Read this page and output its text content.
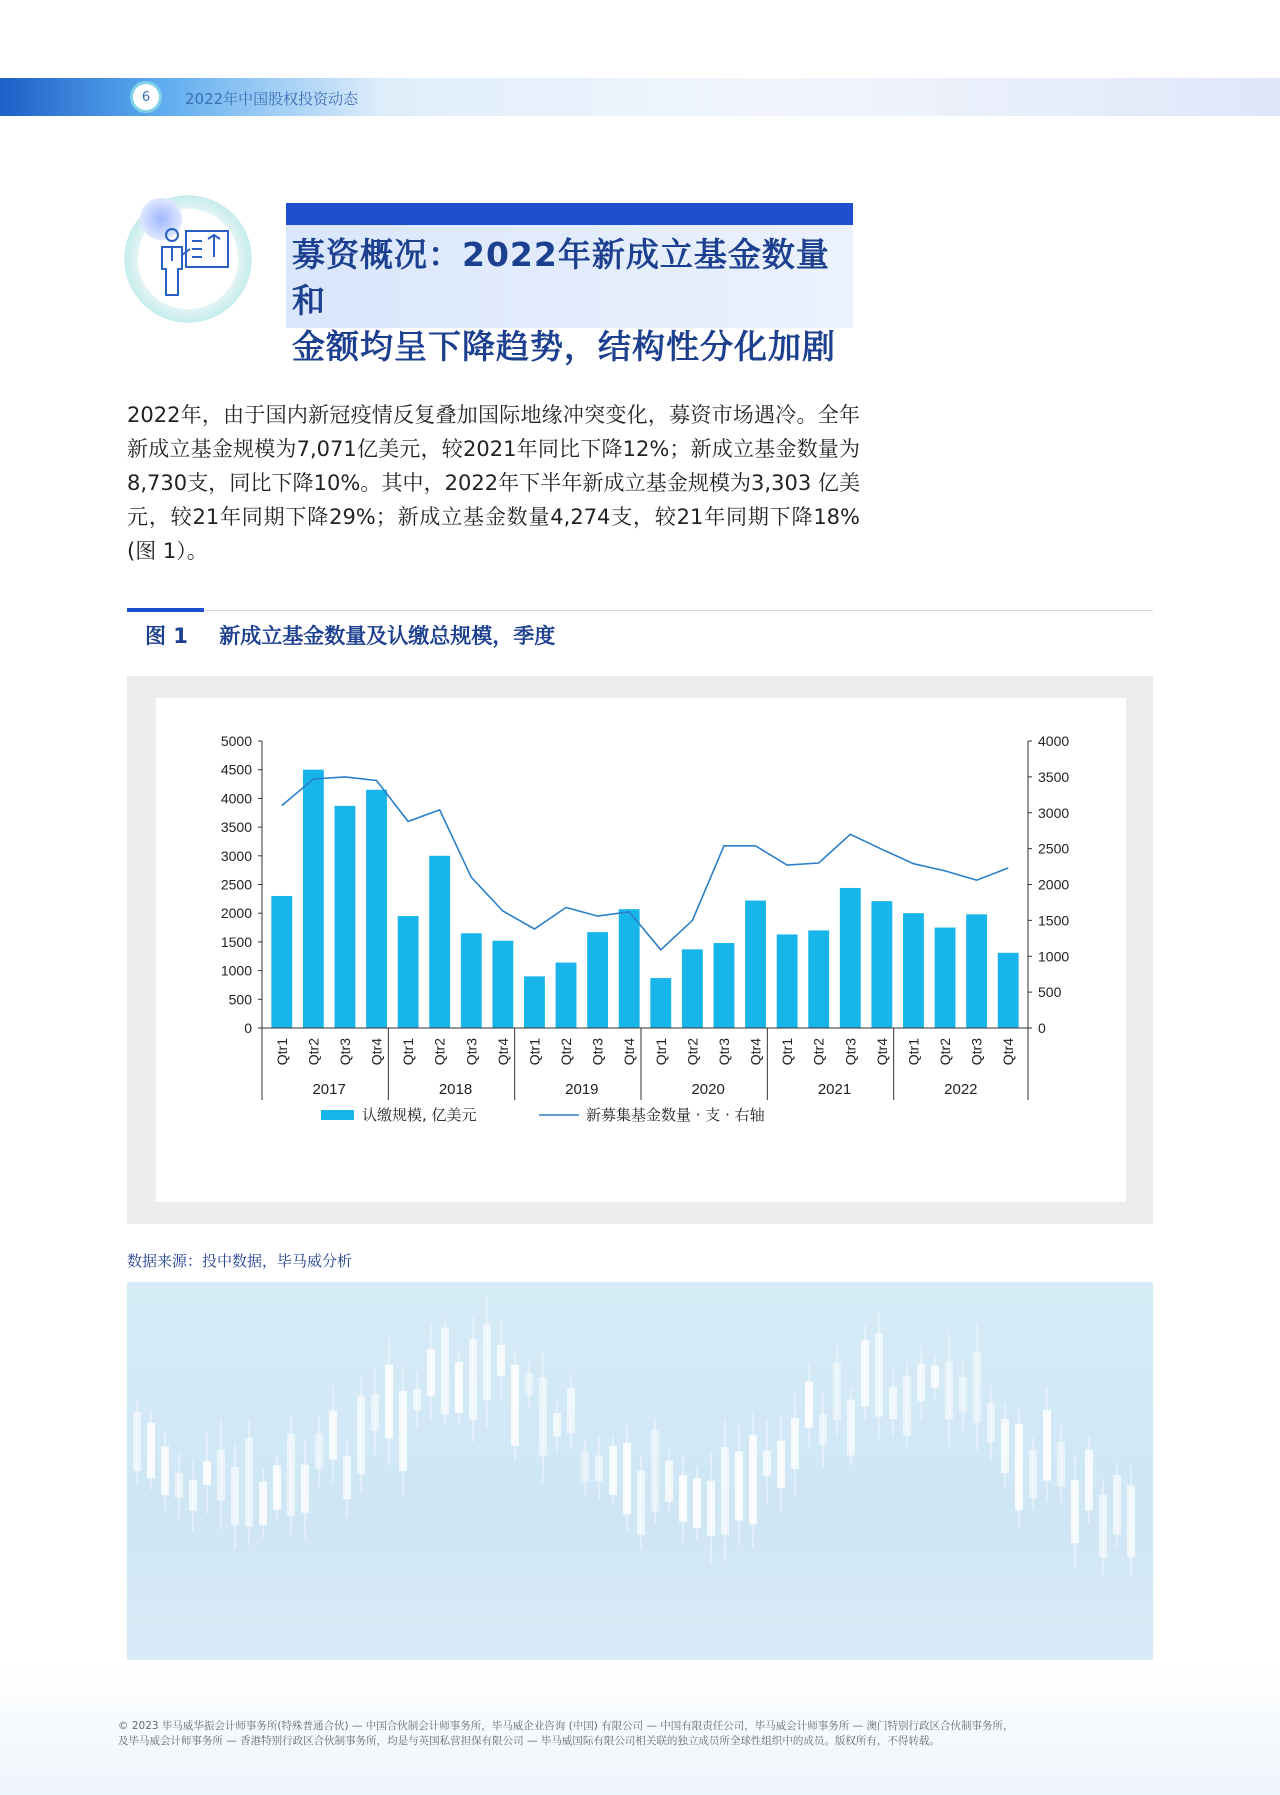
6	2022年中国股权投资动态
募资概况：2022年新成立基金数量和
金额均呈下降趋势，结构性分化加剧
2022年，由于国内新冠疫情反复叠加国际地缘冲突变化，募资市场遇冷。全年新成立基金规模为7,071亿美元，较2021年同比下降12%；新成立基金数量为8,730支，同比下降10%。其中，2022年下半年新成立基金规模为3,303 亿美元，较21年同期下降29%；新成立基金数量4,274支，较21年同期下降18%(图 1）。
图 1 新成立基金数量及认缴总规模，季度
0
500
1000
1500
2000
2500
3000
3500
4000
4500
5000
0
500
1000
1500
2000
2500
3000
3500
4000
Qtr1 Qtr2 Qtr3 Qtr4 Qtr1 Qtr2 Qtr3 Qtr4 Qtr1 Qtr2 Qtr3 Qtr4 Qtr1 Qtr2 Qtr3 Qtr4 Qtr1 Qtr2 Qtr3 Qtr4 Qtr1 Qtr2 Qtr3 Qtr4
2017	2018	2019	2020	2021	2022
认缴规模, 亿美元	新募集基金数量 · 支 · 右轴
数据来源：投中数据，毕马威分析
© 2023 毕马威华振会计师事务所(特殊普通合伙) — 中国合伙制会计师事务所，毕马威企业咨询 (中国) 有限公司 — 中国有限责任公司，毕马威会计师事务所 — 澳门特别行政区合伙制事务所，
及毕马威会计师事务所 — 香港特别行政区合伙制事务所，均是与英国私营担保有限公司 — 毕马威国际有限公司相关联的独立成员所全球性组织中的成员。版权所有，不得转载。
